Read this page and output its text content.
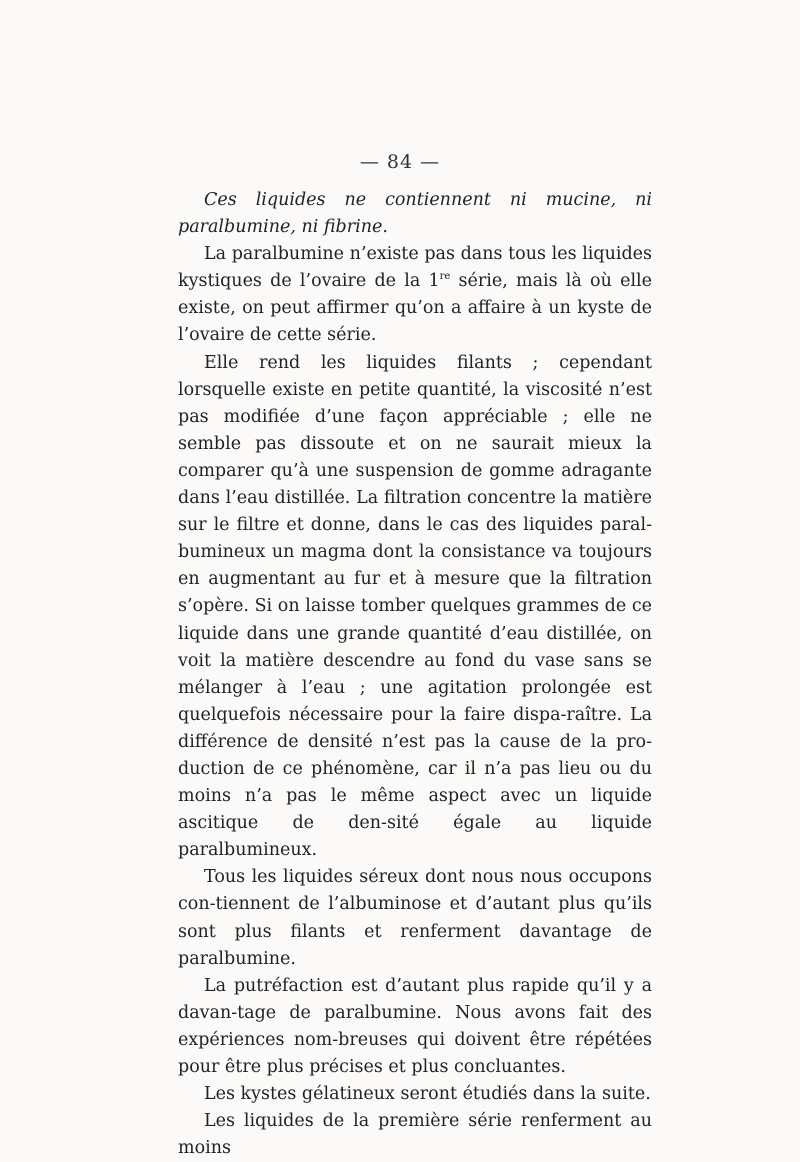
— 84 —

Ces liquides ne contiennent ni mucine, ni paralbumine, ni fibrine.

La paralbumine n’existe pas dans tous les liquides kystiques de l’ovaire de la 1re série, mais là où elle existe, on peut affirmer qu’on a affaire à un kyste de l’ovaire de cette série.

Elle rend les liquides filants ; cependant lorsquelle existe en petite quantité, la viscosité n’est pas modifiée d’une façon appréciable ; elle ne semble pas dissoute et on ne saurait mieux la comparer qu’à une suspension de gomme adragante dans l’eau distillée. La filtration concentre la matière sur le filtre et donne, dans le cas des liquides paral-bumineux un magma dont la consistance va toujours en augmentant au fur et à mesure que la filtration s’opère. Si on laisse tomber quelques grammes de ce liquide dans une grande quantité d’eau distillée, on voit la matière descendre au fond du vase sans se mélanger à l’eau ; une agitation prolongée est quelquefois nécessaire pour la faire dispa-raître. La différence de densité n’est pas la cause de la pro-duction de ce phénomène, car il n’a pas lieu ou du moins n’a pas le même aspect avec un liquide ascitique de den-sité égale au liquide paralbumineux.

Tous les liquides séreux dont nous nous occupons con-tiennent de l’albuminose et d’autant plus qu’ils sont plus filants et renferment davantage de paralbumine.

La putréfaction est d’autant plus rapide qu’il y a davan-tage de paralbumine. Nous avons fait des expériences nom-breuses qui doivent être répétées pour être plus précises et plus concluantes.

Les kystes gélatineux seront étudiés dans la suite.

Les liquides de la première série renferment au moins
